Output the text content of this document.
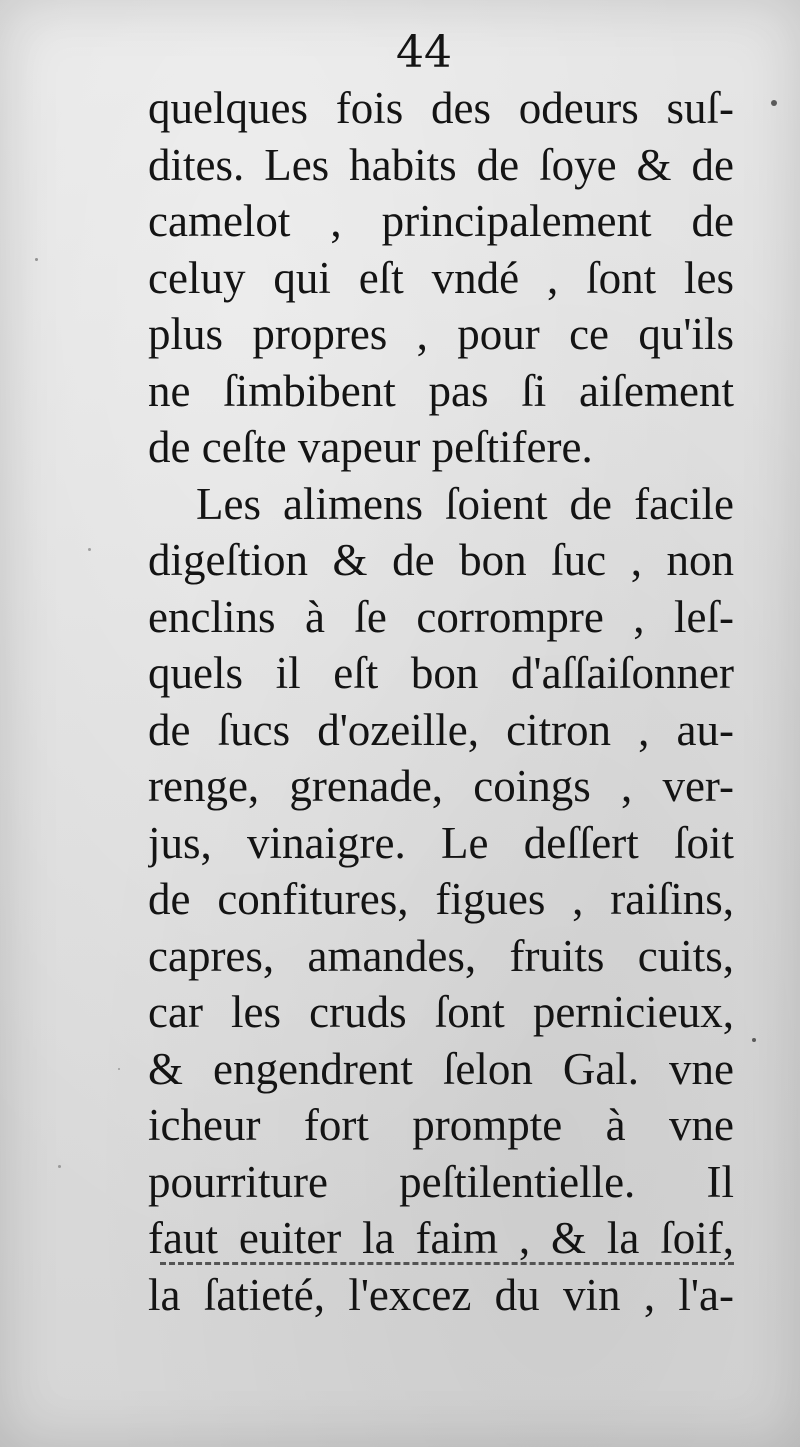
44

quelques fois des odeurs suſ-
dites. Les habits de ſoye & de
camelot , principalement de
celuy qui eſt vndé , ſont les
plus propres , pour ce qu'ils
ne ſimbibent pas ſi aiſement
de ceſte vapeur peſtifere.
Les alimens ſoient de facile
digeſtion & de bon ſuc , non
enclins à ſe corrompre , leſ-
quels il eſt bon d'aſſaiſonner
de ſucs d'ozeille, citron , au-
renge, grenade, coings , ver-
jus, vinaigre. Le deſſert ſoit
de confitures, figues , raiſins,
capres, amandes, fruits cuits,
car les cruds ſont pernicieux,
& engendrent ſelon Gal. vne
icheur fort prompte à vne
pourriture peſtilentielle. Il
faut euiter la faim , & la ſoif,
la ſatieté, l'excez du vin , l'a-
